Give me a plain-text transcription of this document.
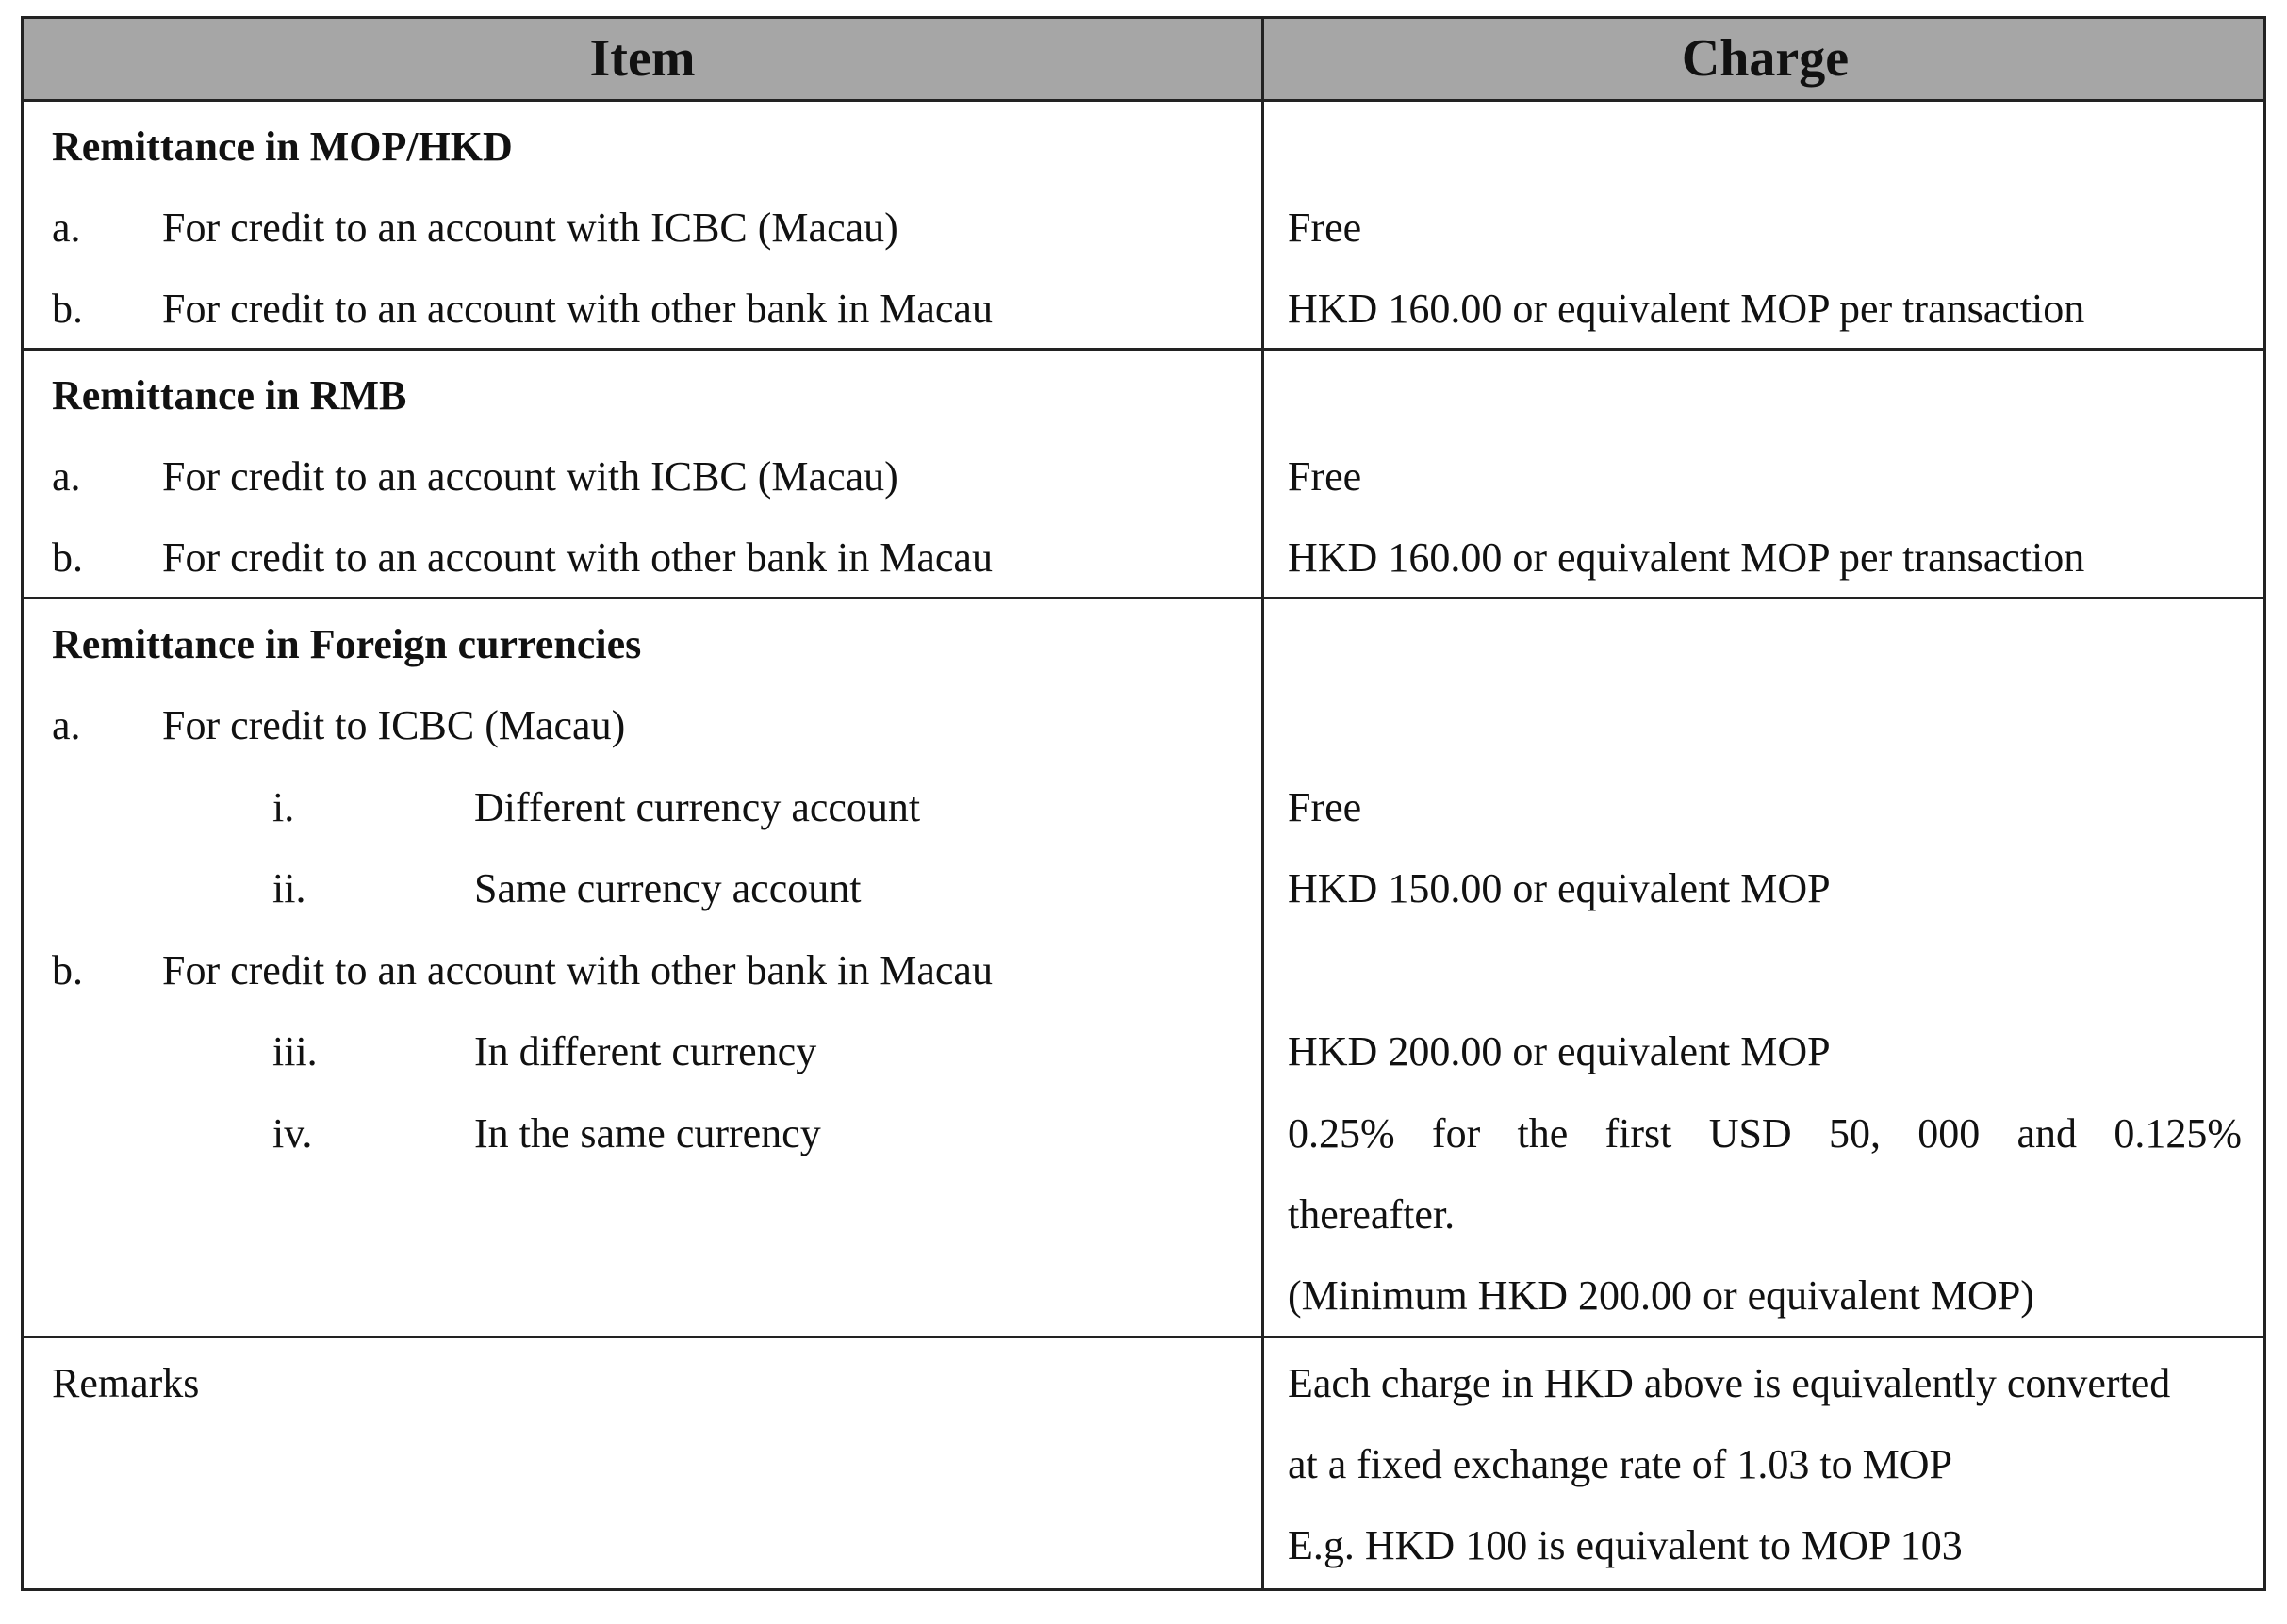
Item	Charge
Remittance in MOP/HKD
a. For credit to an account with ICBC (Macau)	Free
b. For credit to an account with other bank in Macau	HKD 160.00 or equivalent MOP per transaction
Remittance in RMB
a. For credit to an account with ICBC (Macau)	Free
b. For credit to an account with other bank in Macau	HKD 160.00 or equivalent MOP per transaction
Remittance in Foreign currencies
a. For credit to ICBC (Macau)
i.	Different currency account	Free
ii.	Same currency account	HKD 150.00 or equivalent MOP
b. For credit to an account with other bank in Macau
iii.	In different currency	HKD 200.00 or equivalent MOP
iv.	In the same currency	0.25% for the first USD 50, 000 and 0.125%
thereafter.
(Minimum HKD 200.00 or equivalent MOP)
Remarks	Each charge in HKD above is equivalently converted
at a fixed exchange rate of 1.03 to MOP
E.g. HKD 100 is equivalent to MOP 103
